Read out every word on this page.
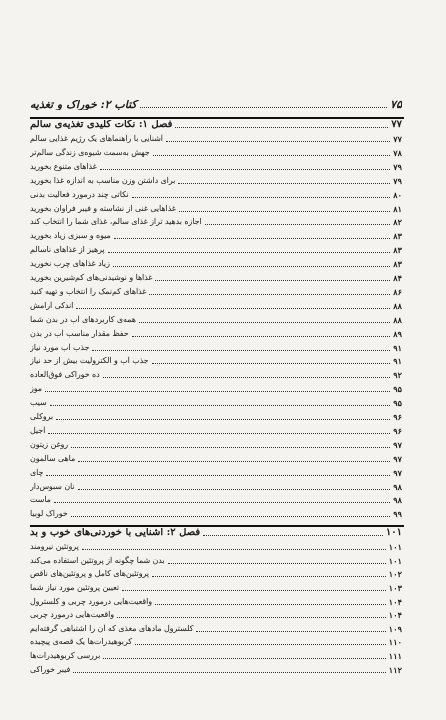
کتاب ۲: خوراک و تغذیه	۷۵
فصل ۱: نکات کلیدی تغذیه‌ی سالم	۷۷
آشنایی با راهنماهای یک رژیم غذایی سالم	۷۷
جهش به‌سمت شیوه‌ی زندگی سالم‌تر	۷۸
غذاهای متنوع بخورید	۷۹
برای داشتن وزن مناسب به اندازه غذا بخورید	۷۹
نکاتی چند درمورد فعالیت بدنی	۸۰
غذاهایی غنی از نشاسته و فیبر فراوان بخورید	۸۱
اجازه بدهید تراز غذای سالم، غذای شما را انتخاب کند	۸۲
میوه و سبزی زیاد بخورید	۸۳
پرهیز از غذاهای ناسالم	۸۳
زیاد غذاهای چرب نخورید	۸۳
غذاها و نوشیدنی‌های کم‌شیرین بخورید	۸۴
غذاهای کم‌نمک را انتخاب و تهیه کنید	۸۶
اندکی آرامش	۸۸
همه‌ی کاربردهای آب در بدن شما	۸۸
حفظ مقدار مناسب آب در بدن	۸۹
جذب آب مورد نیاز	۹۱
جذب آب و الکترولیت بیش از حد نیاز	۹۱
ده خوراکی فوق‌العاده	۹۲
موز	۹۵
سیب	۹۵
بروکلی	۹۶
آجیل	۹۶
روغن زیتون	۹۷
ماهی سالمون	۹۷
چای	۹۷
نان سبوس‌دار	۹۸
ماست	۹۸
خوراک لوبیا	۹۹
فصل ۲: آشنایی با خوردنی‌های خوب و بد	۱۰۱
پروتئین نیرومند	۱۰۱
بدن شما چگونه از پروتئین استفاده می‌کند	۱۰۱
پروتئین‌های کامل و پروتئین‌های ناقص	۱۰۲
تعیین پروتئین مورد نیاز شما	۱۰۳
واقعیت‌هایی درمورد چربی و کلسترول	۱۰۴
واقعیت‌هایی درمورد چربی	۱۰۴
کلسترول مادهای مغذی که آن را اشتباهی گرفته‌ایم	۱۰۹
کربوهیدرات‌ها یک قصه‌ی پیچیده	۱۱۰
بررسی کربوهیدرات‌ها	۱۱۱
فیبر خوراکی	۱۱۲
